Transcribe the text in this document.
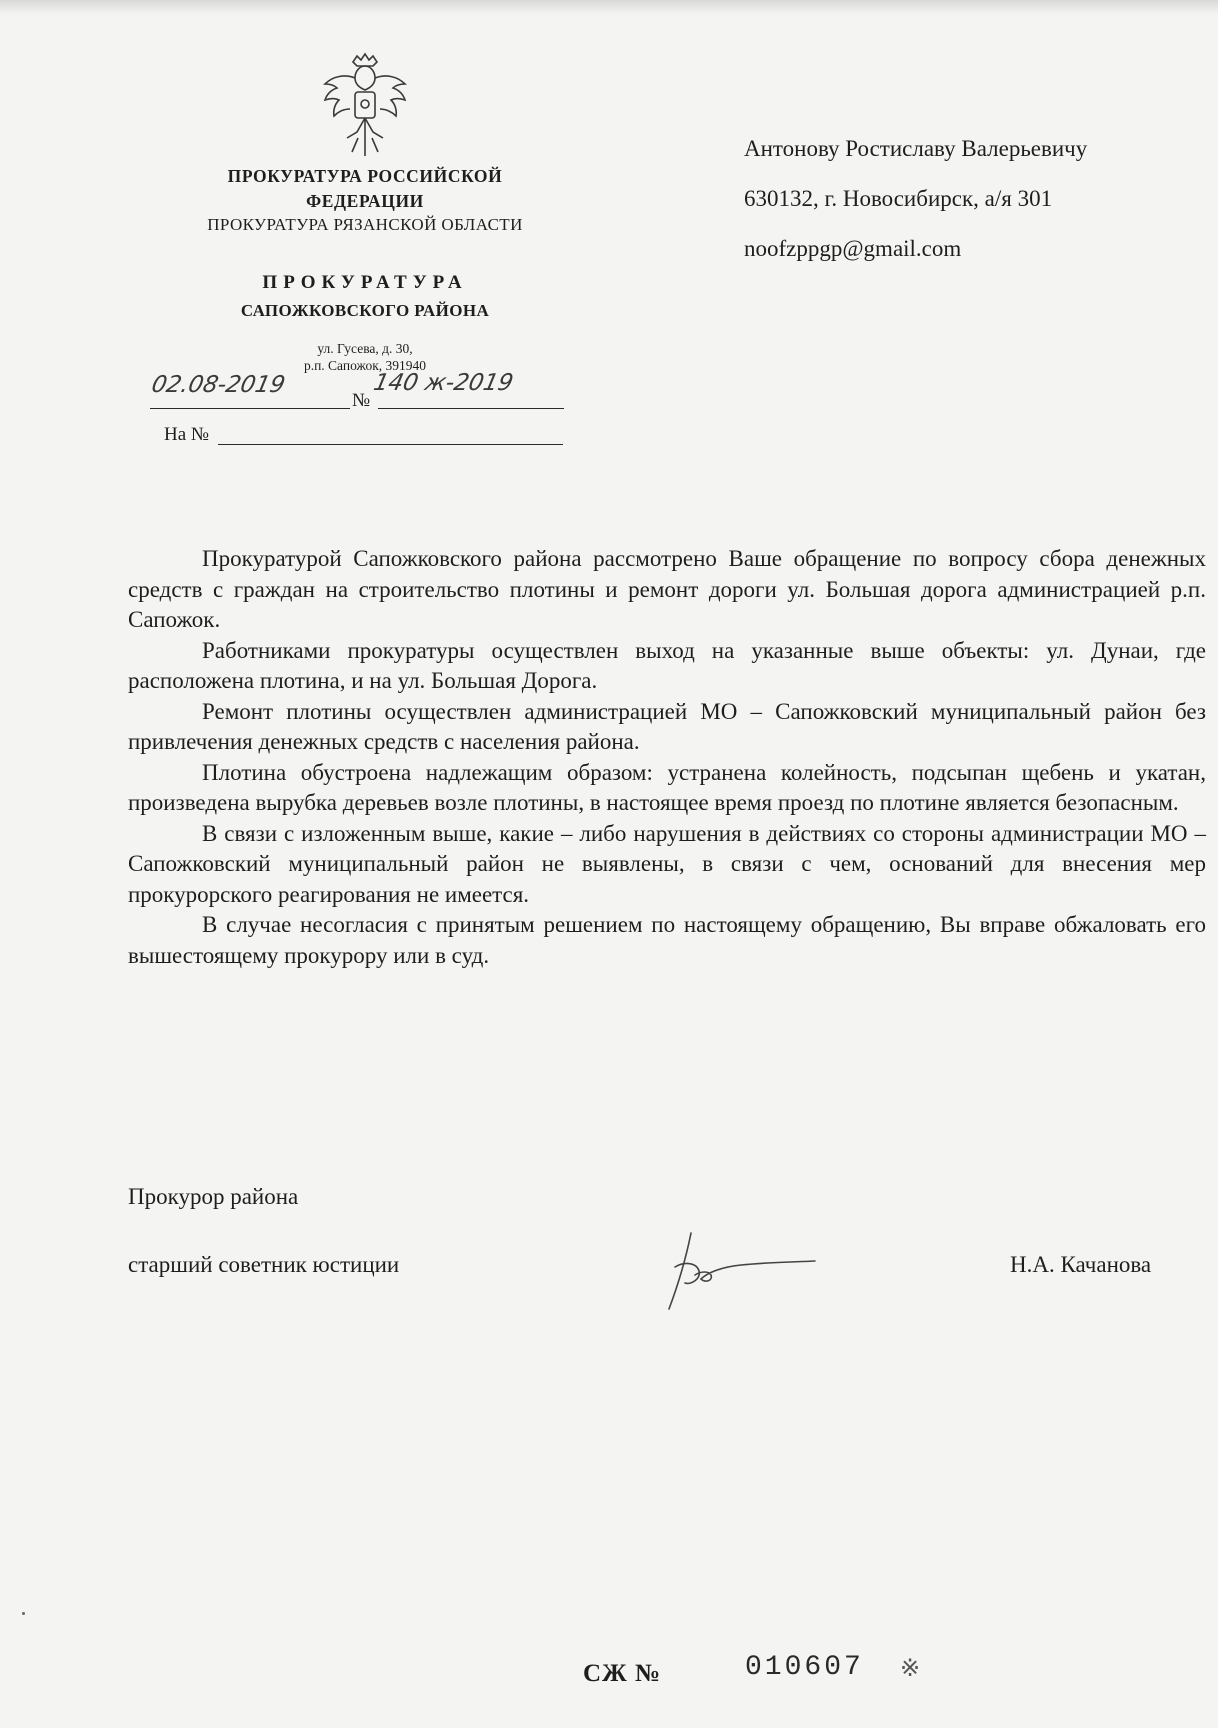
ПРОКУРАТУРА РОССИЙСКОЙ ФЕДЕРАЦИИ
ПРОКУРАТУРА РЯЗАНСКОЙ ОБЛАСТИ
ПРОКУРАТУРА
САПОЖКОВСКОГО РАЙОНА
ул. Гусева, д. 30,
р.п. Сапожок, 391940
02.08-2019
№
140 ж-2019
На №
Антонову Ростиславу Валерьевичу
630132, г. Новосибирск, а/я 301
noofzppgp@gmail.com

Прокуратурой Сапожковского района рассмотрено Ваше обращение по вопросу сбора денежных средств с граждан на строительство плотины и ремонт дороги ул. Большая дорога администрацией р.п. Сапожок.

Работниками прокуратуры осуществлен выход на указанные выше объекты: ул. Дунаи, где расположена плотина, и на ул. Большая Дорога.

Ремонт плотины осуществлен администрацией МО – Сапожковский муниципальный район без привлечения денежных средств с населения района.

Плотина обустроена надлежащим образом: устранена колейность, подсыпан щебень и укатан, произведена вырубка деревьев возле плотины, в настоящее время проезд по плотине является безопасным.

В связи с изложенным выше, какие – либо нарушения в действиях со стороны администрации МО – Сапожковский муниципальный район не выявлены, в связи с чем, оснований для внесения мер прокурорского реагирования не имеется.

В случае несогласия с принятым решением по настоящему обращению, Вы вправе обжаловать его вышестоящему прокурору или в суд.

Прокурор района
старший советник юстиции	Н.А. Качанова
СЖ №	010607 ※
